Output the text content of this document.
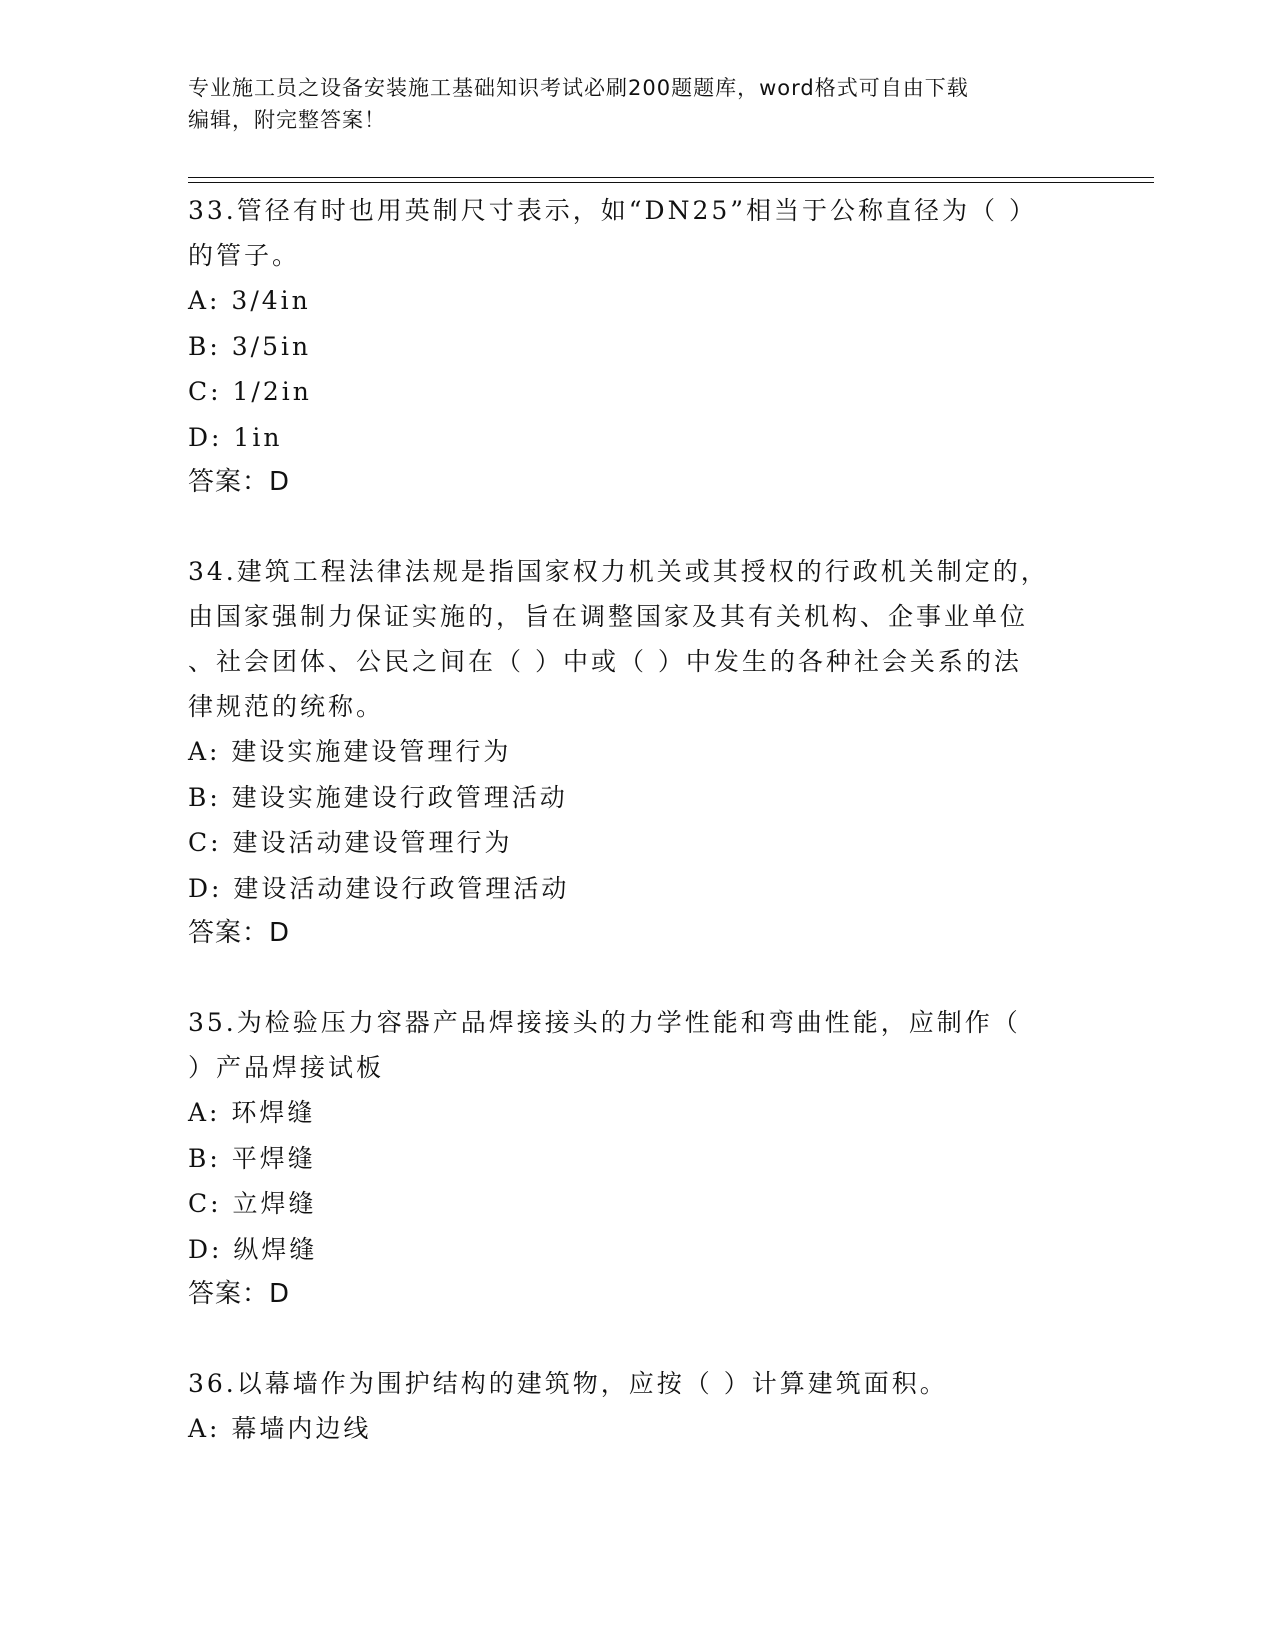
专业施工员之设备安装施工基础知识考试必刷200题题库，word格式可自由下载
编辑，附完整答案！
33.管径有时也用英制尺寸表示，如“DN25”相当于公称直径为（ ）
的管子。
A: 3/4in
B: 3/5in
C: 1/2in
D: 1in
答案：D
34.建筑工程法律法规是指国家权力机关或其授权的行政机关制定的，
由国家强制力保证实施的，旨在调整国家及其有关机构、企事业单位
、社会团体、公民之间在（ ）中或（ ）中发生的各种社会关系的法
律规范的统称。
A: 建设实施建设管理行为
B: 建设实施建设行政管理活动
C: 建设活动建设管理行为
D: 建设活动建设行政管理活动
答案：D
35.为检验压力容器产品焊接接头的力学性能和弯曲性能，应制作（
）产品焊接试板
A: 环焊缝
B: 平焊缝
C: 立焊缝
D: 纵焊缝
答案：D
36.以幕墙作为围护结构的建筑物，应按（ ）计算建筑面积。
A: 幕墙内边线
